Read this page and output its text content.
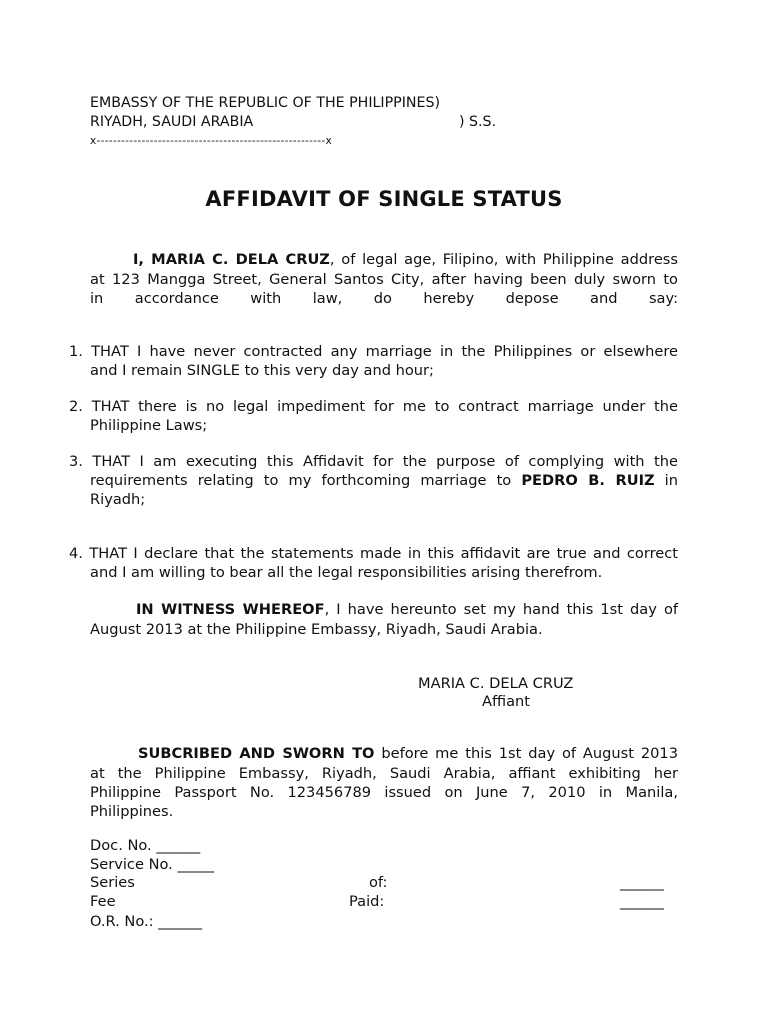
EMBASSY OF THE REPUBLIC OF THE PHILIPPINES)
RIYADH, SAUDI ARABIA	) S.S.
x--------------------------------------------------------x
AFFIDAVIT OF SINGLE STATUS
I, MARIA C. DELA CRUZ, of legal age, Filipino, with Philippine address
at 123 Mangga Street, General Santos City, after having been duly sworn to
in accordance with law, do hereby depose and say:
1. THAT I have never contracted any marriage in the Philippines or elsewhere
and I remain SINGLE to this very day and hour;
2. THAT there is no legal impediment for me to contract marriage under the
Philippine Laws;
3. THAT I am executing this Affidavit for the purpose of complying with the
requirements relating to my forthcoming marriage to PEDRO B. RUIZ in
Riyadh;
4. THAT I declare that the statements made in this affidavit are true and correct
and I am willing to bear all the legal responsibilities arising therefrom.
IN WITNESS WHEREOF, I have hereunto set my hand this 1st day of
August 2013 at the Philippine Embassy, Riyadh, Saudi Arabia.
MARIA C. DELA CRUZ
Affiant
SUBCRIBED AND SWORN TO before me this 1st day of August 2013
at the Philippine Embassy, Riyadh, Saudi Arabia, affiant exhibiting her
Philippine Passport No. 123456789 issued on June 7, 2010 in Manila,
Philippines.
Doc. No. ______
Service No. _____
Series	of:	______
Fee	Paid:	______
O.R. No.: ______
